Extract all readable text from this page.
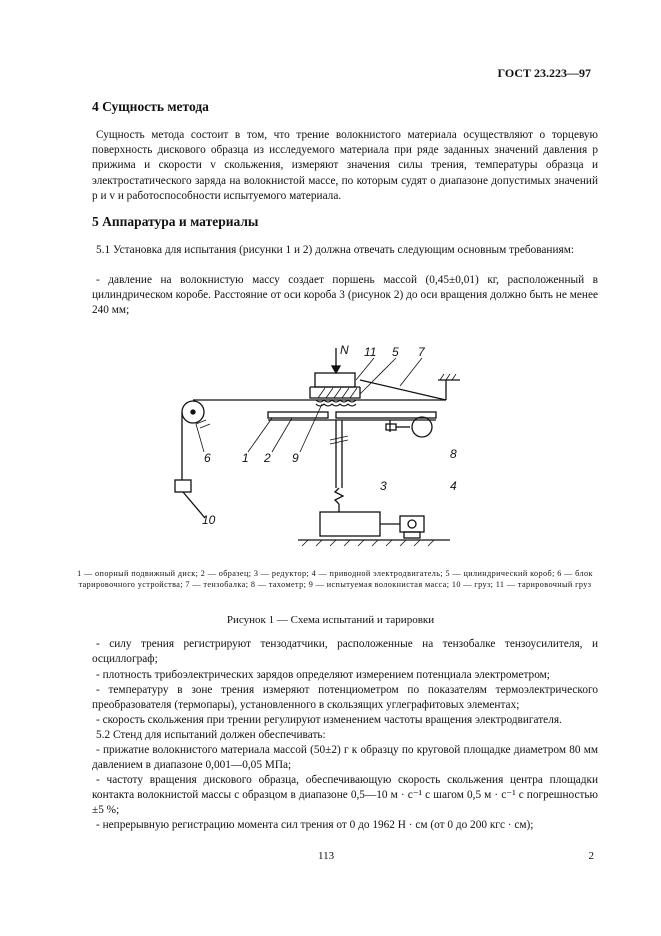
ГОСТ 23.223—97
4 Сущность метода
Сущность метода состоит в том, что трение волокнистого материала осуществляют о торцевую поверхность дискового образца из исследуемого материала при ряде заданных значений давления p прижима и скорости v скольжения, измеряют значения силы трения, температуры образца и электростатического заряда на волокнистой массе, по которым судят о диапазоне допустимых значений p и v и работоспособности испытуемого материала.
5 Аппаратура и материалы
5.1 Установка для испытания (рисунки 1 и 2) должна отвечать следующим основным требованиям:
- давление на волокнистую массу создает поршень массой (0,45±0,01) кг, расположенный в цилиндрическом коробе. Расстояние от оси короба 3 (рисунок 2) до оси вращения должно быть не менее 240 мм;
N 11 5 7
6	1 2 9	8
3	4
10
1 — опорный подвижный диск; 2 — образец; 3 — редуктор; 4 — приводной электродвигатель; 5 — цилиндрический короб; 6 — блок тарировочного устройства; 7 — тензобалка; 8 — тахометр; 9 — испытуемая волокнистая масса; 10 — груз; 11 — тарировочный груз
Рисунок 1 — Схема испытаний и тарировки
- силу трения регистрируют тензодатчики, расположенные на тензобалке тензоусилителя, и осциллограф;
- плотность трибоэлектрических зарядов определяют измерением потенциала электрометром;
- температуру в зоне трения измеряют потенциометром по показателям термоэлектрического преобразователя (термопары), установленного в скользящих углеграфитовых элементах;
- скорость скольжения при трении регулируют изменением частоты вращения электродвигателя.
5.2 Стенд для испытаний должен обеспечивать:
- прижатие волокнистого материала массой (50±2) г к образцу по круговой площадке диаметром 80 мм давлением в диапазоне 0,001—0,05 МПа;
- частоту вращения дискового образца, обеспечивающую скорость скольжения центра площадки контакта волокнистой массы с образцом в диапазоне 0,5—10 м · с⁻¹ с шагом 0,5 м · с⁻¹ с погрешностью ±5 %;
- непрерывную регистрацию момента сил трения от 0 до 1962 Н · см (от 0 до 200 кгс · см);
113	2
